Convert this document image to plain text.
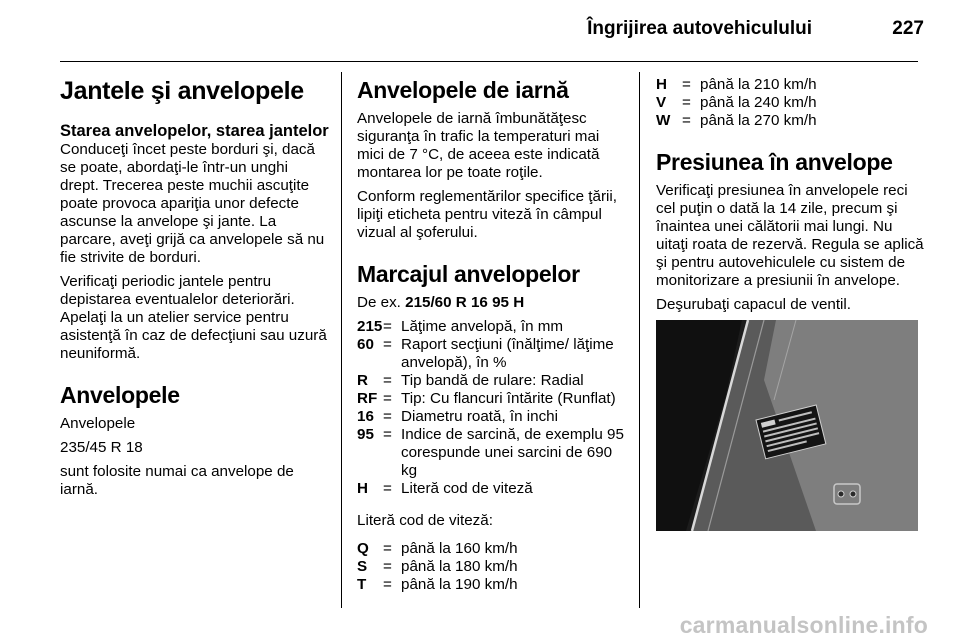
Îngrijirea autovehiculului	227
Jantele şi anvelopele
Starea anvelopelor, starea jantelor

Conduceţi încet peste borduri şi, dacă se poate, abordaţi-le într-un unghi drept. Trecerea peste muchii ascuţite poate provoca apariţia unor defecte ascunse la anvelope şi jante. La parcare, aveţi grijă ca anvelopele să nu fie strivite de borduri.

Verificaţi periodic jantele pentru depistarea eventualelor deteriorări. Apelaţi la un atelier service pentru asistenţă în caz de defecţiuni sau uzură neuniformă.

Anvelopele

Anvelopele

235/45 R 18

sunt folosite numai ca anvelope de iarnă.

Anvelopele de iarnă

Anvelopele de iarnă îmbunătăţesc siguranţa în trafic la temperaturi mai mici de 7 °C, de aceea este indicată montarea lor pe toate roţile.

Conform reglementărilor specifice ţării, lipiţi eticheta pentru viteză în câmpul vizual al şoferului.

Marcajul anvelopelor

De ex. 215/60 R 16 95 H

215 = Lăţime anvelopă, în mm
60 = Raport secţiuni (înălţime/ lăţime anvelopă), în %
R = Tip bandă de rulare: Radial
RF = Tip: Cu flancuri întărite (Runflat)
16 = Diametru roată, în inchi
95 = Indice de sarcină, de exemplu 95 corespunde unei sarcini de 690 kg
H = Literă cod de viteză

Literă cod de viteză:

Q = până la 160 km/h
S	= până la 180 km/h
T	= până la 190 km/h
H = până la 210 km/h
V	= până la 240 km/h
W = până la 270 km/h
Presiunea în anvelope

Verificaţi presiunea în anvelopele reci cel puţin o dată la 14 zile, precum şi înaintea unei călătorii mai lungi. Nu uitaţi roata de rezervă. Regula se aplică şi pentru autovehiculele cu sistem de monitorizare a presiunii în anvelope.

Deşurubaţi capacul de ventil.

carmanualsonline.info
